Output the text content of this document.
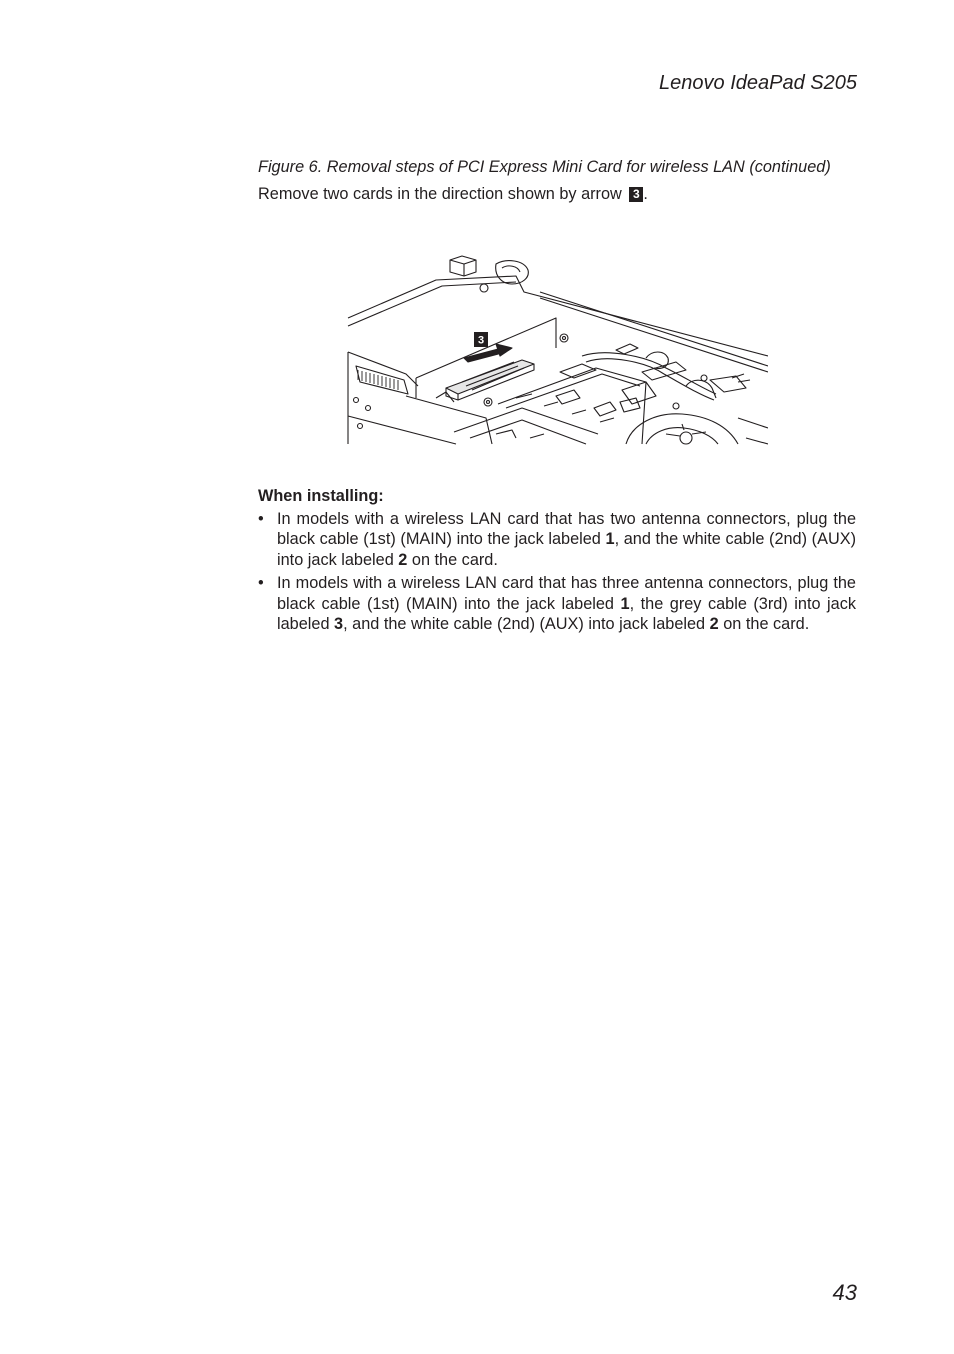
Lenovo IdeaPad S205
Figure 6. Removal steps of PCI Express Mini Card for wireless LAN (continued)
Remove two cards in the direction shown by arrow 3 .
3
When installing:
• In models with a wireless LAN card that has two antenna connectors, plug the black cable (1st) (MAIN) into the jack labeled 1, and the white cable (2nd) (AUX) into jack labeled 2 on the card.
• In models with a wireless LAN card that has three antenna connectors, plug the black cable (1st) (MAIN) into the jack labeled 1, the grey cable (3rd) into jack labeled 3, and the white cable (2nd) (AUX) into jack labeled 2 on the card.
43
